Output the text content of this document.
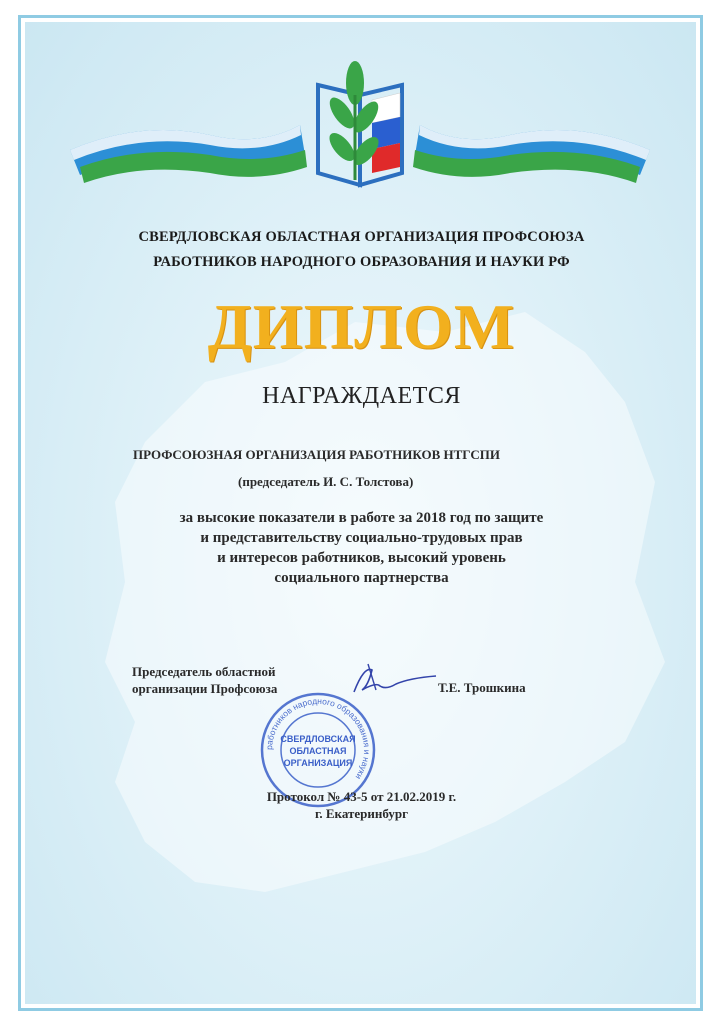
СВЕРДЛОВСКАЯ ОБЛАСТНАЯ ОРГАНИЗАЦИЯ ПРОФСОЮЗА
РАБОТНИКОВ НАРОДНОГО ОБРАЗОВАНИЯ И НАУКИ РФ
ДИПЛОМ
НАГРАЖДАЕТСЯ
ПРОФСОЮЗНАЯ ОРГАНИЗАЦИЯ РАБОТНИКОВ НТГСПИ
(председатель И. С. Толстова)
за высокие показатели в работе за 2018 год по защите
и представительству социально-трудовых прав
и интересов работников, высокий уровень
социального партнерства
Председатель областной
организации Профсоюза	Т.Е. Трошкина
работников народного образования и науки
СВЕРДЛОВСКАЯ
ОБЛАСТНАЯ
ОРГАНИЗАЦИЯ
Протокол № 43-5 от 21.02.2019 г.
г. Екатеринбург
